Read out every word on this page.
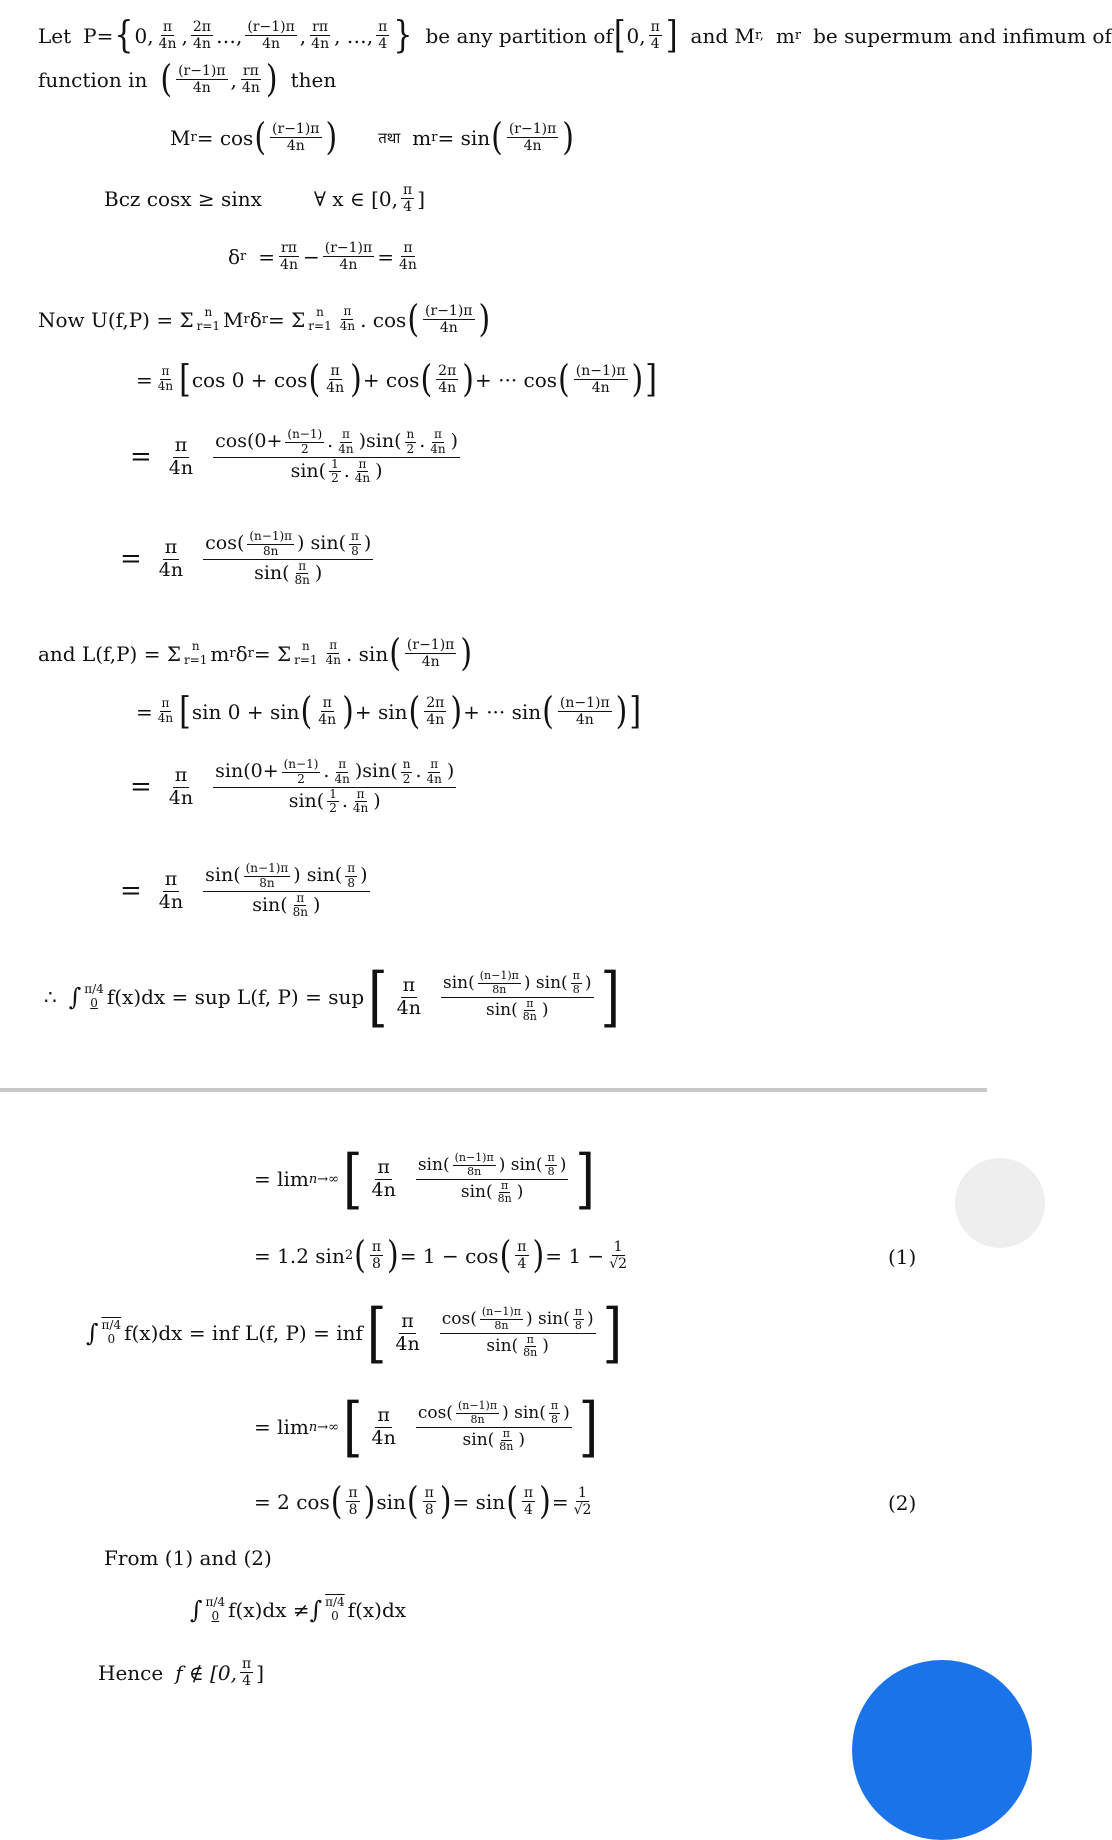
Let P= { 0, $\frac{\pi}{4n}$ , $\frac{2\pi}{4n}$ …, $\frac{(r-1)\pi}{4n}$ , $\frac{r\pi}{4n}$ , …, $\frac{\pi}{4}$ } be any partition of [ 0, $\frac{\pi}{4}$ ] and M r, m r be supermum and infimum of
function in ( $\frac{(r-1)\pi}{4n}$ , $\frac{r\pi}{4n}$ ) then
M r = cos ( $\frac{(r-1)\pi}{4n}$ )	तथा m r = sin ( $\frac{(r-1)\pi}{4n}$ )
Bcz cosx ≥ sinx	∀ x ∈ [0, $\frac{\pi}{4}$ ]
δ $r = \frac{r\pi}{4n} - \frac{(r-1)\pi}{4n} = \frac{\pi}{4n}$
Now U(f,P) = Σ n
r=1 M r δ r = Σ n
$r=1 \frac{\pi}{4n}$ . cos ( $\frac{(r-1)\pi}{4n}$ )
= $\frac{\pi}{4n}$ [ cos 0 + cos ( $\frac{\pi}{4n}$ ) + cos ( $\frac{2\pi}{4n}$ ) + ··· cos ( $\frac{(n-1)\pi}{4n}$ ) ]
= $\frac{\pi}{4n} \cos(0+ \frac{(n-1)}{2}$ . $\frac{\pi}{4n}$ ) $\sin( \frac{n}{2}$ . $\frac{\pi}{4n}$ )
$\sin( \frac{1}{2}$ . $\frac{\pi}{4n}$ )
= $\frac{\pi}{4n} \frac{\cos( \frac{(n-1)\pi}{8n} ) \sin( \frac{\pi}{8} )}{\sin( \frac{\pi}{8n} )}$
and L(f,P) = Σ n
r=1 m r δ r = Σ n
$r=1 \frac{\pi}{4n}$ . sin ( $\frac{(r-1)\pi}{4n}$ )
= $\frac{\pi}{4n}$ [ sin 0 + sin ( $\frac{\pi}{4n}$ ) + sin ( $\frac{2\pi}{4n}$ ) + ··· sin ( $\frac{(n-1)\pi}{4n}$ ) ]
= $\frac{\pi}{4n} \sin(0+ \frac{(n-1)}{2}$ . $\frac{\pi}{4n}$ ) $\sin( \frac{n}{2}$ . $\frac{\pi}{4n}$ )
$\sin( \frac{1}{2}$ . $\frac{\pi}{4n}$ )
= $\frac{\pi}{4n} \frac{\sin( \frac{(n-1)\pi}{8n} ) \sin( \frac{\pi}{8} )}{\sin( \frac{\pi}{8n} )}$
∴ ∫ π/4
0 f(x)dx = sup L(f, P) = sup [ $\frac{\pi}{4n} \frac{\sin( \frac{(n-1)\pi}{8n} ) \sin( \frac{\pi}{8} )}{\sin( \frac{\pi}{8n} )}$ ]
= lim n→∞ [ $\frac{\pi}{4n} \frac{\sin( \frac{(n-1)\pi}{8n} ) \sin( \frac{\pi}{8} )}{\sin( \frac{\pi}{8n} )}$ ]
= 1.2 sin 2 ( $\frac{\pi}{8}$ ) = 1 − cos ( $\frac{\pi}{4}$ ) = $1 - \frac{1}{√2}$	(1)
∫ π/4
0 f(x)dx = inf L(f, P) = inf [ $\frac{\pi}{4n} \frac{\cos( \frac{(n-1)\pi}{8n} ) \sin( \frac{\pi}{8} )}{\sin( \frac{\pi}{8n} )}$ ]
= lim n→∞ [ $\frac{\pi}{4n} \frac{\cos( \frac{(n-1)\pi}{8n} ) \sin( \frac{\pi}{8} )}{\sin( \frac{\pi}{8n} )}$ ]
= 2 cos ( $\frac{\pi}{8}$ ) sin ( $\frac{\pi}{8}$ ) = sin ( $\frac{\pi}{4}$ ) = $\frac{1}{√2}$	(2)
From (1) and (2)
∫ π/4
0 f(x)dx ≠ ∫ π/4
0 f(x)dx
Hence f ∉ [0, $\frac{\pi}{4}$ ]
